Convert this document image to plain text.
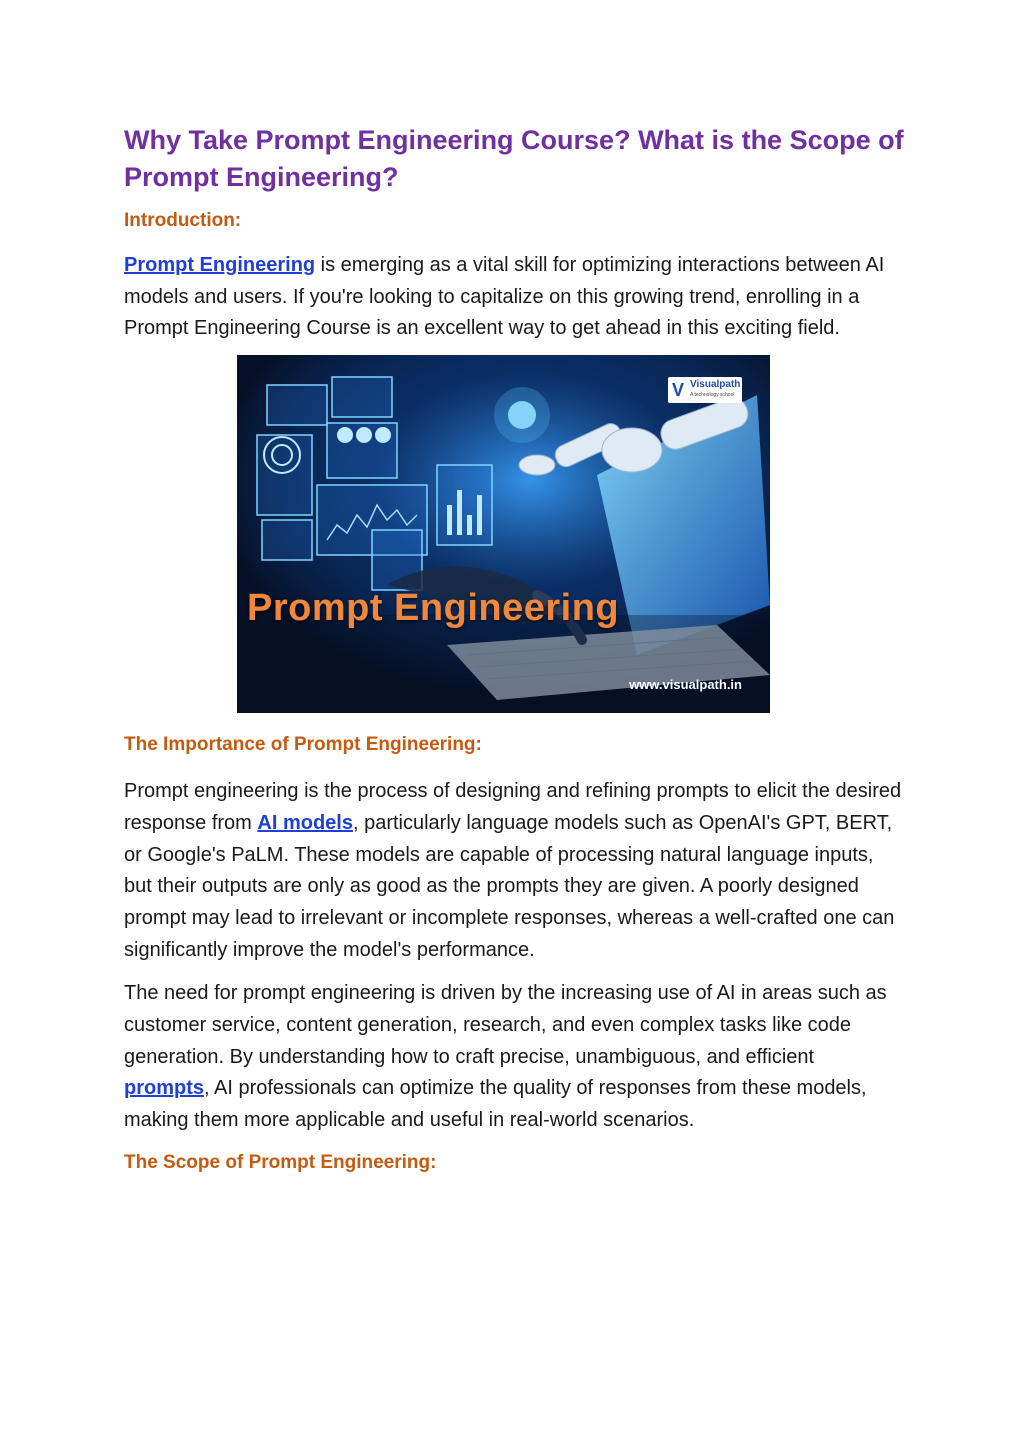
Why Take Prompt Engineering Course? What is the Scope of Prompt Engineering?
Introduction:

Prompt Engineering is emerging as a vital skill for optimizing interactions between AI models and users. If you're looking to capitalize on this growing trend, enrolling in a Prompt Engineering Course is an excellent way to get ahead in this exciting field.

V Visualpath
A technology school
Prompt Engineering
www.visualpath.in
The Importance of Prompt Engineering:

Prompt engineering is the process of designing and refining prompts to elicit the desired response from AI models, particularly language models such as OpenAI's GPT, BERT, or Google's PaLM. These models are capable of processing natural language inputs, but their outputs are only as good as the prompts they are given. A poorly designed prompt may lead to irrelevant or incomplete responses, whereas a well-crafted one can significantly improve the model's performance.

The need for prompt engineering is driven by the increasing use of AI in areas such as customer service, content generation, research, and even complex tasks like code generation. By understanding how to craft precise, unambiguous, and efficient prompts, AI professionals can optimize the quality of responses from these models, making them more applicable and useful in real-world scenarios.

The Scope of Prompt Engineering:
